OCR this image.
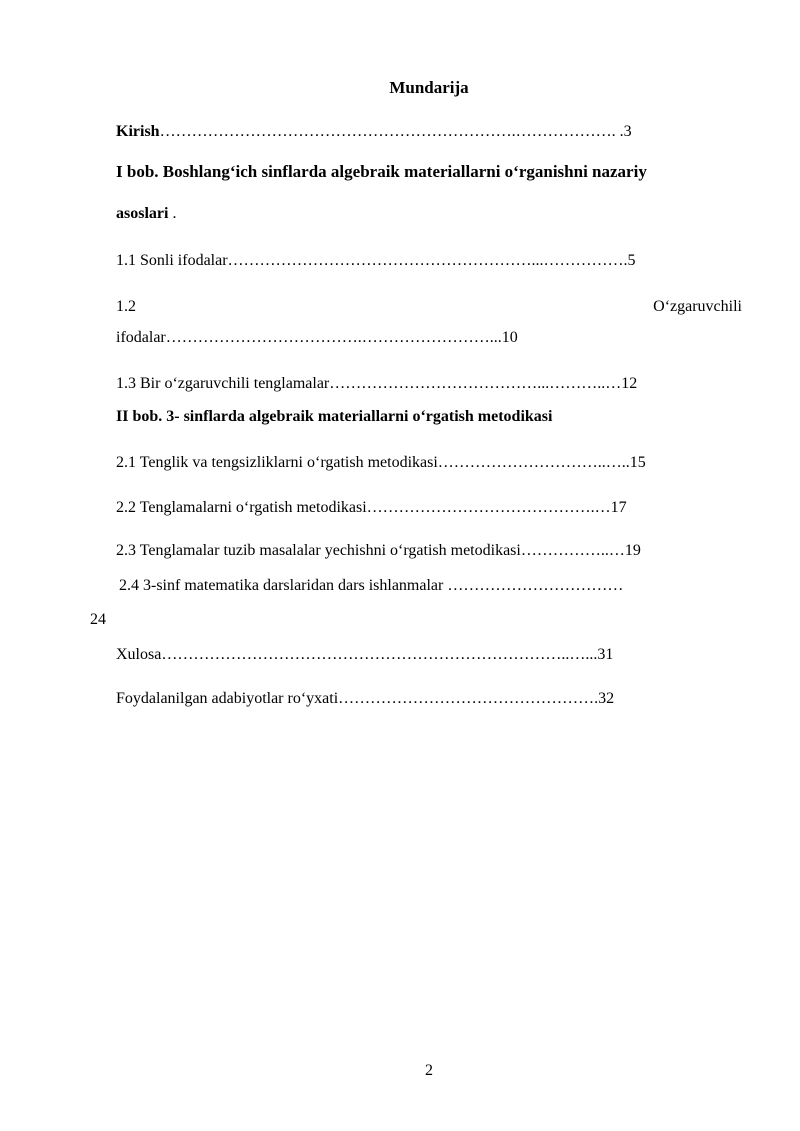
Mundarija
Kirish………………………………………………………….………………. .3
I bob. Boshlang‘ich sinflarda algebraik materiallarni o‘rganishni nazariy
asoslari .
1.1 Sonli ifodalar…………………………………………………...…………….5
1.2	O‘zgaruvchili
ifodalar……………………………….……………………...10
1.3 Bir o‘zgaruvchili tenglamalar…………………………………...………..…12
II bob. 3- sinflarda algebraik materiallarni o‘rgatish metodikasi
2.1 Tenglik va tengsizliklarni o‘rgatish metodikasi…………………………..…..15
2.2 Tenglamalarni o‘rgatish metodikasi…………………………………….…17
2.3 Tenglamalar tuzib masalalar yechishni o‘rgatish metodikasi……………..…19
2.4 3-sinf matematika darslaridan dars ishlanmalar ……………………………
24
Xulosa…………………………………………………………………..…...31
Foydalanilgan adabiyotlar ro‘yxati………………………………………….32
2
